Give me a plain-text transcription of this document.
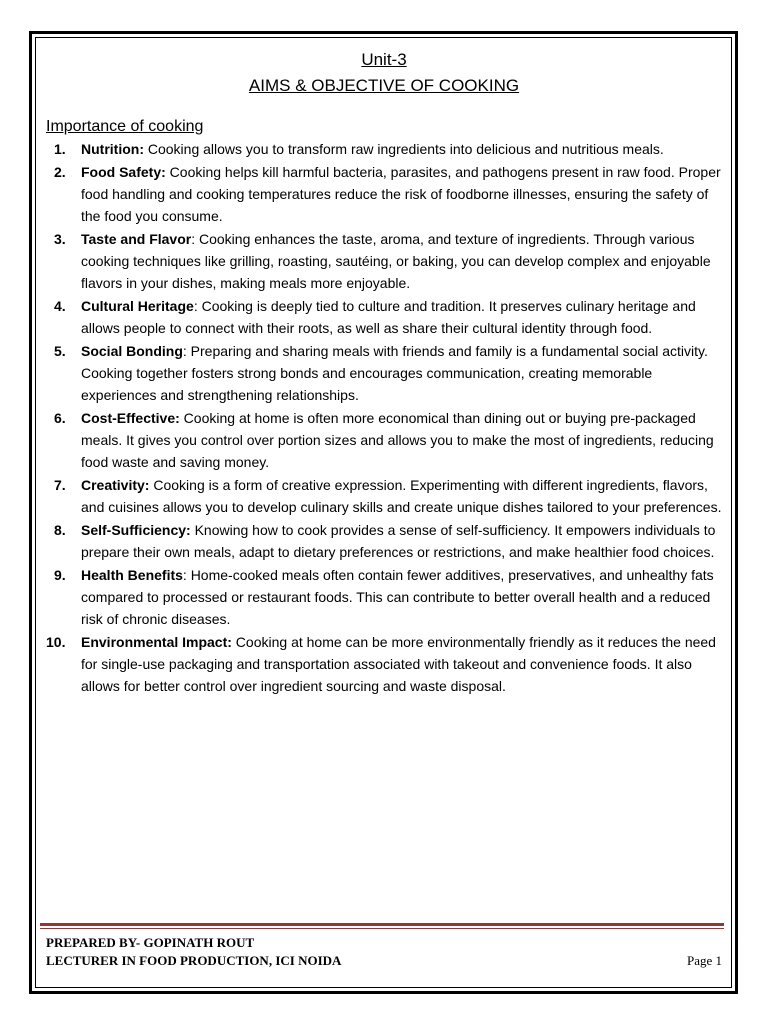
Unit-3

AIMS & OBJECTIVE OF COOKING

Importance of cooking

1. Nutrition: Cooking allows you to transform raw ingredients into delicious and nutritious meals.
2. Food Safety: Cooking helps kill harmful bacteria, parasites, and pathogens present in raw food. Proper food handling and cooking temperatures reduce the risk of foodborne illnesses, ensuring the safety of the food you consume.
3. Taste and Flavor: Cooking enhances the taste, aroma, and texture of ingredients. Through various cooking techniques like grilling, roasting, sautéing, or baking, you can develop complex and enjoyable flavors in your dishes, making meals more enjoyable.
4. Cultural Heritage: Cooking is deeply tied to culture and tradition. It preserves culinary heritage and allows people to connect with their roots, as well as share their cultural identity through food.
5. Social Bonding: Preparing and sharing meals with friends and family is a fundamental social activity. Cooking together fosters strong bonds and encourages communication, creating memorable experiences and strengthening relationships.
6. Cost-Effective: Cooking at home is often more economical than dining out or buying pre-packaged meals. It gives you control over portion sizes and allows you to make the most of ingredients, reducing food waste and saving money.
7. Creativity: Cooking is a form of creative expression. Experimenting with different ingredients, flavors, and cuisines allows you to develop culinary skills and create unique dishes tailored to your preferences.
8. Self-Sufficiency: Knowing how to cook provides a sense of self-sufficiency. It empowers individuals to prepare their own meals, adapt to dietary preferences or restrictions, and make healthier food choices.
9. Health Benefits: Home-cooked meals often contain fewer additives, preservatives, and unhealthy fats compared to processed or restaurant foods. This can contribute to better overall health and a reduced risk of chronic diseases.
10. Environmental Impact: Cooking at home can be more environmentally friendly as it reduces the need for single-use packaging and transportation associated with takeout and convenience foods. It also allows for better control over ingredient sourcing and waste disposal.
PREPARED BY- GOPINATH ROUT
LECTURER IN FOOD PRODUCTION, ICI NOIDA	Page 1
